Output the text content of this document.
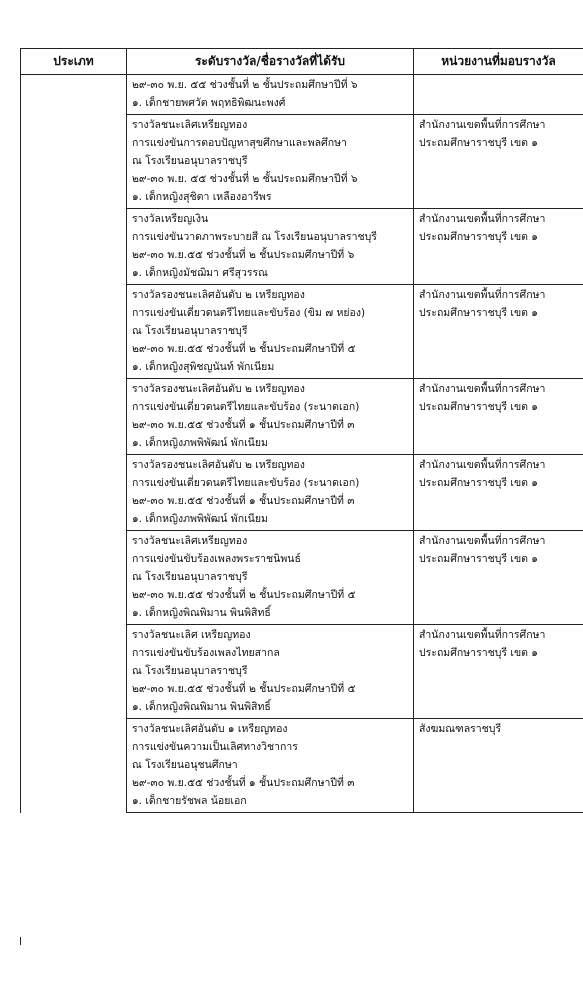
ประเภท	ระดับรางวัล/ชื่อรางวัลที่ได้รับ	หน่วยงานที่มอบรางวัล

	๒๙-๓๐ พ.ย. ๕๕ ช่วงชั้นที่ ๒ ชั้นประถมศึกษาปีที่ ๖
๑. เด็กชายพศวัต พฤทธิพิฒนะพงศ์	

	รางวัลชนะเลิศเหรียญทอง
การแข่งขันการตอบปัญหาสุขศึกษาและพลศึกษา
ณ โรงเรียนอนุบาลราชบุรี
๒๙-๓๐ พ.ย. ๕๕ ช่วงชั้นที่ ๒ ชั้นประถมศึกษาปีที่ ๖
๑. เด็กหญิงสุชิตา เหลืองอารีพร	สำนักงานเขตพื้นที่การศึกษา
ประถมศึกษาราชบุรี เขต ๑

	รางวัลเหรียญเงิน
การแข่งขันวาดภาพระบายสี ณ โรงเรียนอนุบาลราชบุรี
๒๙-๓๐ พ.ย.๕๕ ช่วงชั้นที่ ๒ ชั้นประถมศึกษาปีที่ ๖
๑. เด็กหญิงมัชฌิมา ศรีสุวรรณ	สำนักงานเขตพื้นที่การศึกษา
ประถมศึกษาราชบุรี เขต ๑

	รางวัลรองชนะเลิศอันดับ ๒ เหรียญทอง
การแข่งขันเดี่ยวดนตรีไทยและขับร้อง (ขิม ๗ หย่อง)
ณ โรงเรียนอนุบาลราชบุรี
๒๙-๓๐ พ.ย.๕๕ ช่วงชั้นที่ ๒ ชั้นประถมศึกษาปีที่ ๕
๑. เด็กหญิงสุพิชญนันท์ พักเนียม	สำนักงานเขตพื้นที่การศึกษา
ประถมศึกษาราชบุรี เขต ๑

	รางวัลรองชนะเลิศอันดับ ๒ เหรียญทอง
การแข่งขันเดี่ยวดนตรีไทยและขับร้อง (ระนาดเอก)
๒๙-๓๐ พ.ย.๕๕ ช่วงชั้นที่ ๑ ชั้นประถมศึกษาปีที่ ๓
๑. เด็กหญิงภพพิพัฒน์ พักเนียม	สำนักงานเขตพื้นที่การศึกษา
ประถมศึกษาราชบุรี เขต ๑

	รางวัลรองชนะเลิศอันดับ ๒ เหรียญทอง
การแข่งขันเดี่ยวดนตรีไทยและขับร้อง (ระนาดเอก)
๒๙-๓๐ พ.ย.๕๕ ช่วงชั้นที่ ๑ ชั้นประถมศึกษาปีที่ ๓
๑. เด็กหญิงภพพิพัฒน์ พักเนียม	สำนักงานเขตพื้นที่การศึกษา
ประถมศึกษาราชบุรี เขต ๑

	รางวัลชนะเลิศเหรียญทอง
การแข่งขันขับร้องเพลงพระราชนิพนธ์
ณ โรงเรียนอนุบาลราชบุรี
๒๙-๓๐ พ.ย.๕๕ ช่วงชั้นที่ ๒ ชั้นประถมศึกษาปีที่ ๕
๑. เด็กหญิงพิณพิมาน พินพิสิทธิ์	สำนักงานเขตพื้นที่การศึกษา
ประถมศึกษาราชบุรี เขต ๑

	รางวัลชนะเลิศ เหรียญทอง
การแข่งขันขับร้องเพลงไทยสากล
ณ โรงเรียนอนุบาลราชบุรี
๒๙-๓๐ พ.ย.๕๕ ช่วงชั้นที่ ๒ ชั้นประถมศึกษาปีที่ ๕
๑. เด็กหญิงพิณพิมาน พินพิสิทธิ์	สำนักงานเขตพื้นที่การศึกษา
ประถมศึกษาราชบุรี เขต ๑

	รางวัลชนะเลิศอันดับ ๑ เหรียญทอง
การแข่งขันความเป็นเลิศทางวิชาการ
ณ โรงเรียนอนุชนศึกษา
๒๙-๓๐ พ.ย.๕๕ ช่วงชั้นที่ ๑ ชั้นประถมศึกษาปีที่ ๓
๑. เด็กชายรัชพล น้อยเอก	สังฆมณฑลราชบุรี
